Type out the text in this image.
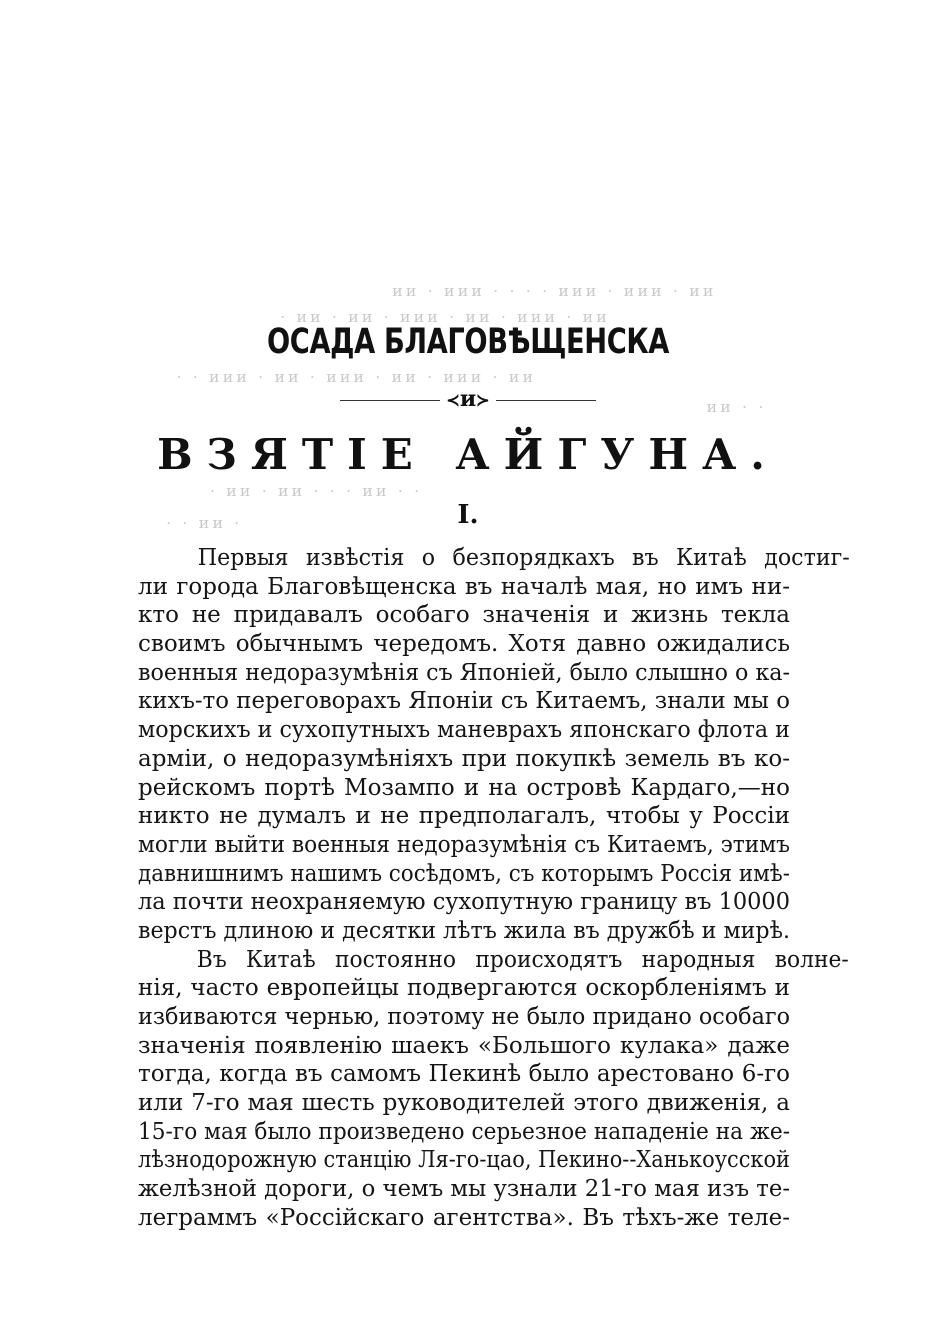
ии · иии · · · · иии · иии · ии
· ии · ии · иии · ии · иии · ии
· · иии · ии · иии · ии · иии · ии
ии · ·
· ии · ии · · · ии · ·
· · ии ·
ОСАДА БЛАГОВѢЩЕНСКА
≺и≻
ВЗЯТІЕ АЙГУНА.
I.
Первыя извѣстія о безпорядкахъ въ Китаѣ достиг-
ли города Благовѣщенска въ началѣ мая, но имъ ни-
кто не придавалъ особаго значенія и жизнь текла
своимъ обычнымъ чередомъ. Хотя давно ожидались
военныя недоразумѣнія съ Японіей, было слышно о ка-
кихъ-то переговорахъ Японіи съ Китаемъ, знали мы о
морскихъ и сухопутныхъ маневрахъ японскаго флота и
арміи, о недоразумѣніяхъ при покупкѣ земель въ ко-
рейскомъ портѣ Мозампо и на островѣ Кардаго,—но
никто не думалъ и не предполагалъ, чтобы у Россіи
могли выйти военныя недоразумѣнія съ Китаемъ, этимъ
давнишнимъ нашимъ сосѣдомъ, съ которымъ Россія имѣ-
ла почти неохраняемую сухопутную границу въ 10000
верстъ длиною и десятки лѣтъ жила въ дружбѣ и мирѣ.
Въ Китаѣ постоянно происходятъ народныя волне-
нія, часто европейцы подвергаются оскорбленіямъ и
избиваются чернью, поэтому не было придано особаго
значенія появленію шаекъ «Большого кулака» даже
тогда, когда въ самомъ Пекинѣ было арестовано 6-го
или 7-го мая шесть руководителей этого движенія, а
15-го мая было произведено серьезное нападеніе на же-
лѣзнодорожную станцію Ля-го-цао, Пекино--Ханькоусской
желѣзной дороги, о чемъ мы узнали 21-го мая изъ те-
леграммъ «Россійскаго агентства». Въ тѣхъ-же теле-
